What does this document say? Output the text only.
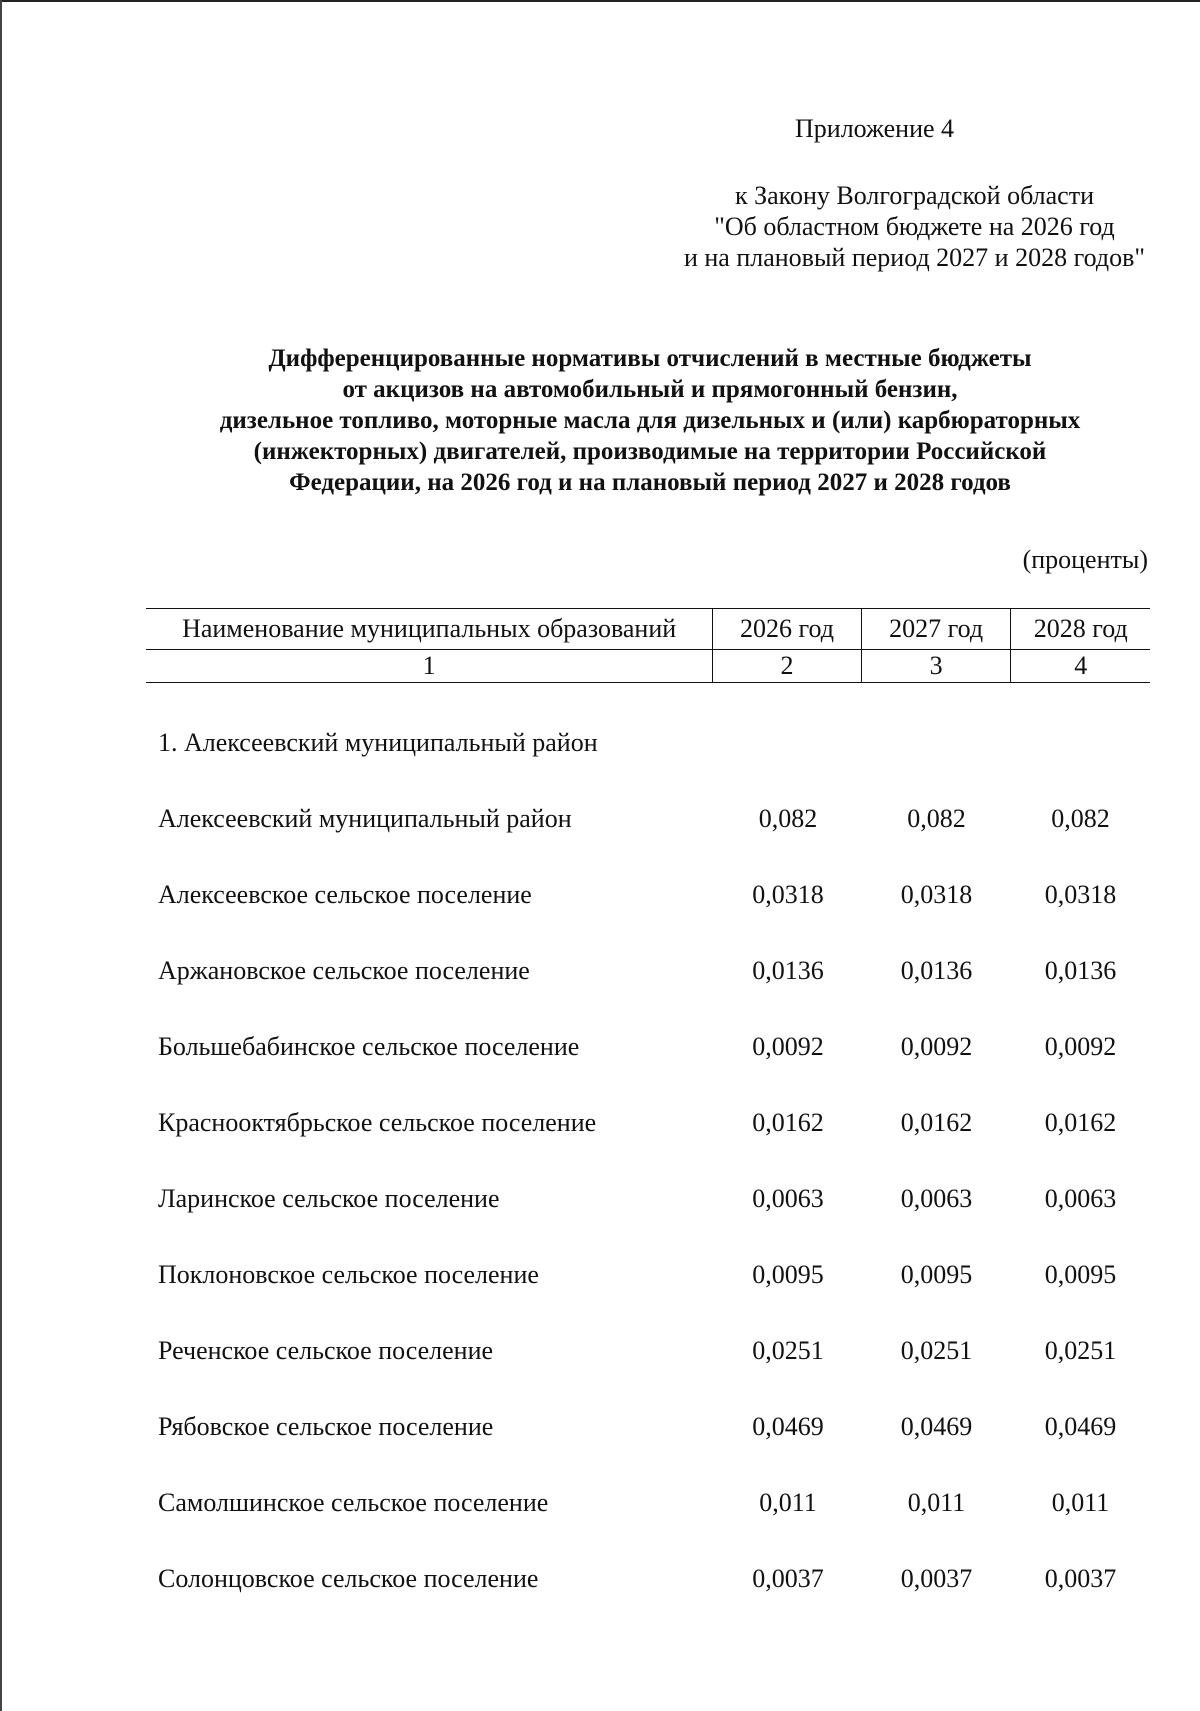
Приложение 4
к Закону Волгоградской области
"Об областном бюджете на 2026 год
и на плановый период 2027 и 2028 годов"
Дифференцированные нормативы отчислений в местные бюджеты
от акцизов на автомобильный и прямогонный бензин,
дизельное топливо, моторные масла для дизельных и (или) карбюраторных
(инжекторных) двигателей, производимые на территории Российской
Федерации, на 2026 год и на плановый период 2027 и 2028 годов
(проценты)
Наименование муниципальных образований	2026 год	2027 год	2028 год
1	2	3	4
1. Алексеевский муниципальный район
Алексеевский муниципальный район	0,082	0,082	0,082
Алексеевское сельское поселение	0,0318	0,0318	0,0318
Аржановское сельское поселение	0,0136	0,0136	0,0136
Большебабинское сельское поселение	0,0092	0,0092	0,0092
Краснооктябрьское сельское поселение	0,0162	0,0162	0,0162
Ларинское сельское поселение	0,0063	0,0063	0,0063
Поклоновское сельское поселение	0,0095	0,0095	0,0095
Реченское сельское поселение	0,0251	0,0251	0,0251
Рябовское сельское поселение	0,0469	0,0469	0,0469
Самолшинское сельское поселение	0,011	0,011	0,011
Солонцовское сельское поселение	0,0037	0,0037	0,0037
